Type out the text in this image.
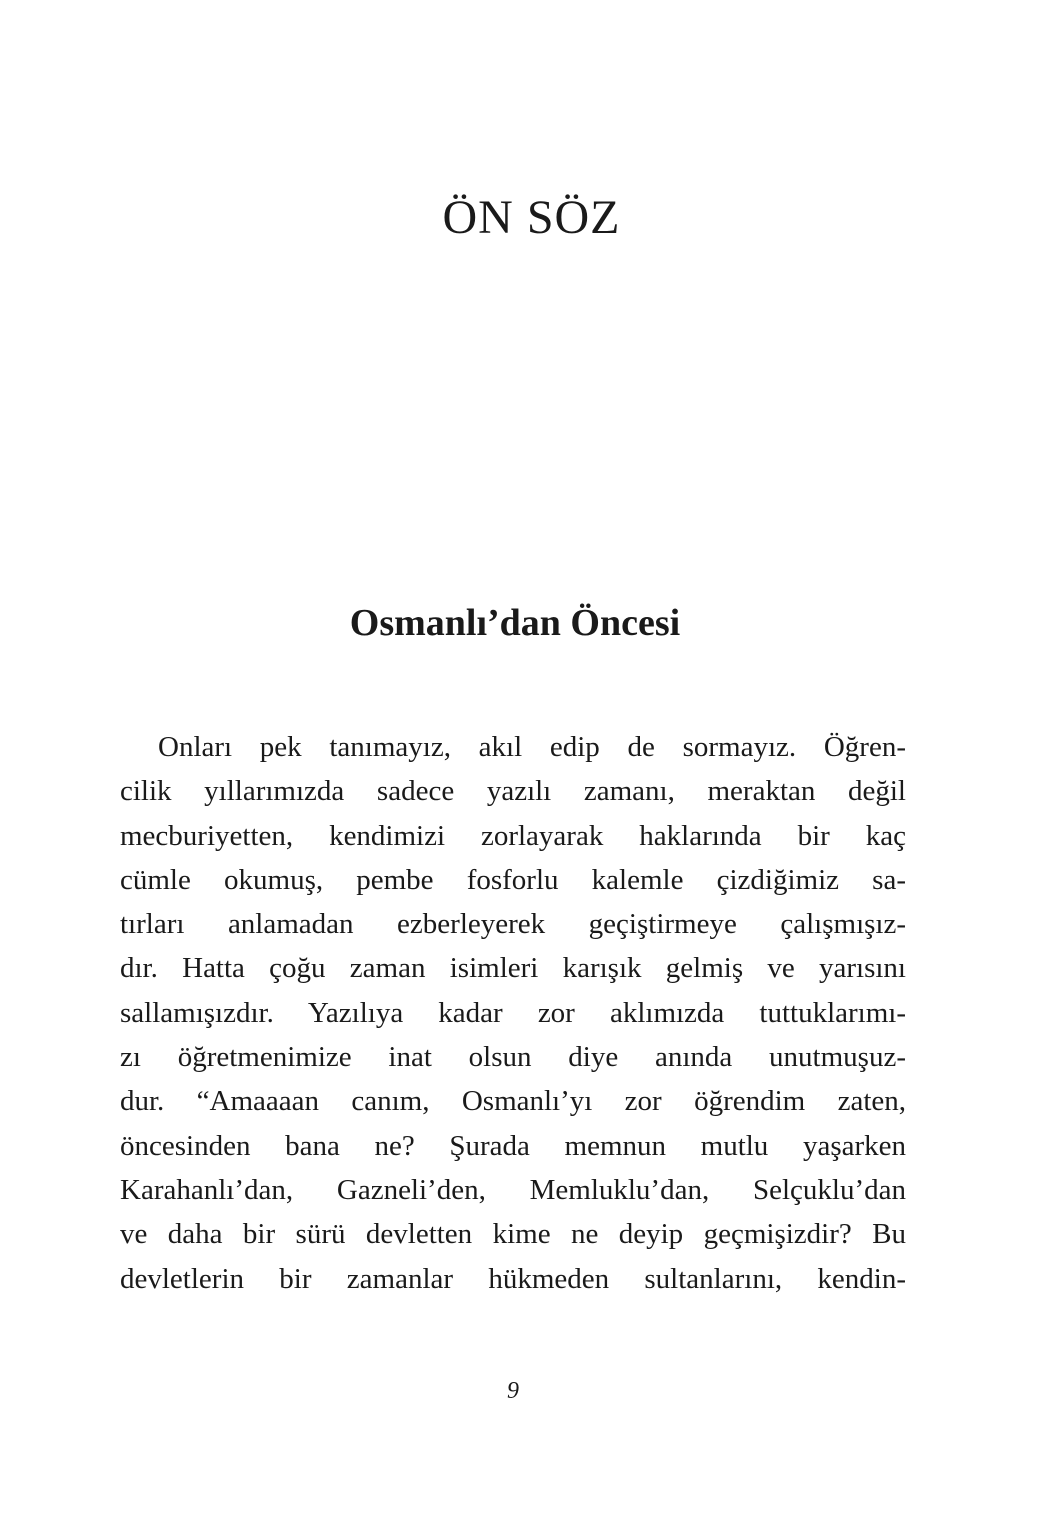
ÖN SÖZ
Osmanlı’dan Öncesi
Onları pek tanımayız, akıl edip de sormayız. Öğren-
cilik yıllarımızda sadece yazılı zamanı, meraktan değil
mecburiyetten, kendimizi zorlayarak haklarında bir kaç
cümle okumuş, pembe fosforlu kalemle çizdiğimiz sa-
tırları anlamadan ezberleyerek geçiştirmeye çalışmışız-
dır. Hatta çoğu zaman isimleri karışık gelmiş ve yarısını
sallamışızdır. Yazılıya kadar zor aklımızda tuttuklarımı-
zı öğretmenimize inat olsun diye anında unutmuşuz-
dur. “Amaaaan canım, Osmanlı’yı zor öğrendim zaten,
öncesinden bana ne? Şurada memnun mutlu yaşarken
Karahanlı’dan, Gazneli’den, Memluklu’dan, Selçuklu’dan
ve daha bir sürü devletten kime ne deyip geçmişizdir? Bu
devletlerin bir zamanlar hükmeden sultanlarını, kendin-
9
